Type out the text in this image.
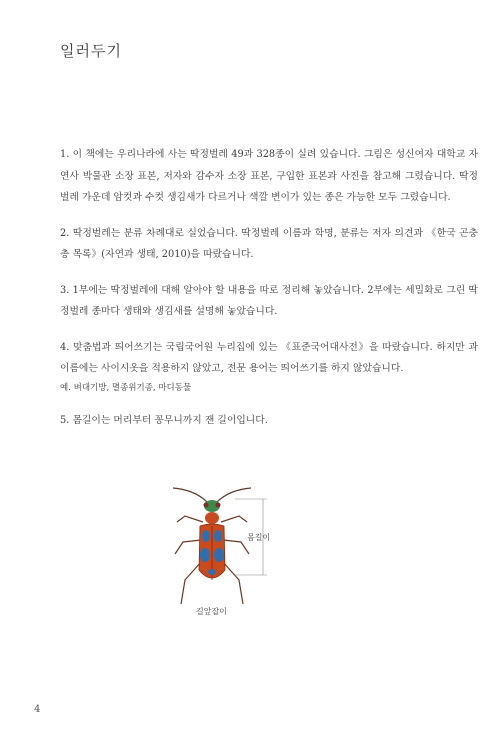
일러두기

1. 이 책에는 우리나라에 사는 딱정벌레 49과 328종이 실려 있습니다. 그림은 성신여자 대학교 자연사 박물관 소장 표본, 저자와 감수자 소장 표본, 구입한 표본과 사진을 참고해 그렸습니다. 딱정벌레 가운데 암컷과 수컷 생김새가 다르거나 색깔 변이가 있는 종은 가능한 모두 그렸습니다.

2. 딱정벌레는 분류 차례대로 실었습니다. 딱정벌레 이름과 학명, 분류는 저자 의견과 《한국 곤충 총 목록》(자연과 생태, 2010)을 따랐습니다.

3. 1부에는 딱정벌레에 대해 알아야 할 내용을 따로 정리해 놓았습니다. 2부에는 세밀화로 그린 딱정벌레 종마다 생태와 생김새를 설명해 놓았습니다.

4. 맞춤법과 띄어쓰기는 국립국어원 누리집에 있는 《표준국어대사전》을 따랐습니다. 하지만 과 이름에는 사이시옷을 적용하지 않았고, 전문 용어는 띄어쓰기를 하지 않았습니다.
예. 벼대기방, 멸종위기종, 마디동물

5. 몸길이는 머리부터 꽁무니까지 잰 길이입니다.

몸길이
길앞잡이
4
